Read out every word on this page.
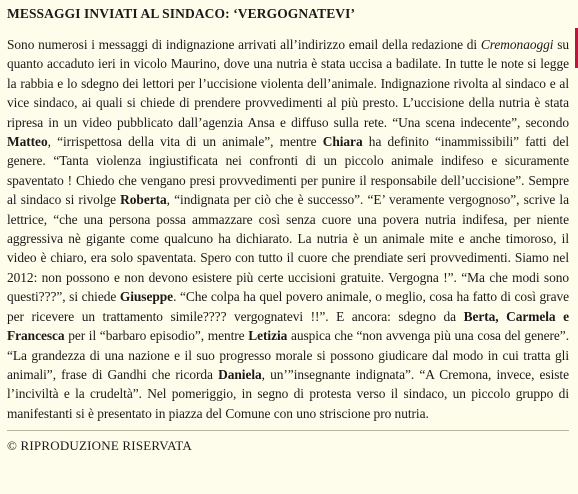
MESSAGGI INVIATI AL SINDACO: ‘VERGOGNATEVI’

Sono numerosi i messaggi di indignazione arrivati all’indirizzo email della redazione di Cremonaoggi su quanto accaduto ieri in vicolo Maurino, dove una nutria è stata uccisa a badilate. In tutte le note si legge la rabbia e lo sdegno dei lettori per l’uccisione violenta dell’animale. Indignazione rivolta al sindaco e al vice sindaco, ai quali si chiede di prendere provvedimenti al più presto. L’uccisione della nutria è stata ripresa in un video pubblicato dall’agenzia Ansa e diffuso sulla rete. “Una scena indecente”, secondo Matteo, “irrispettosa della vita di un animale”, mentre Chiara ha definito “inammissibili” fatti del genere. “Tanta violenza ingiustificata nei confronti di un piccolo animale indifeso e sicuramente spaventato ! Chiedo che vengano presi provvedimenti per punire il responsabile dell’uccisione”. Sempre al sindaco si rivolge Roberta, “indignata per ciò che è successo”. “E’ veramente vergognoso”, scrive la lettrice, “che una persona possa ammazzare così senza cuore una povera nutria indifesa, per niente aggressiva nè gigante come qualcuno ha dichiarato. La nutria è un animale mite e anche timoroso, il video è chiaro, era solo spaventata. Spero con tutto il cuore che prendiate seri provvedimenti. Siamo nel 2012: non possono e non devono esistere più certe uccisioni gratuite. Vergogna !”. “Ma che modi sono questi???”, si chiede Giuseppe. “Che colpa ha quel povero animale, o meglio, cosa ha fatto di così grave per ricevere un trattamento simile???? vergognatevi !!”. E ancora: sdegno da Berta, Carmela e Francesca per il “barbaro episodio”, mentre Letizia auspica che “non avvenga più una cosa del genere”. “La grandezza di una nazione e il suo progresso morale si possono giudicare dal modo in cui tratta gli animali”, frase di Gandhi che ricorda Daniela, un’”insegnante indignata”. “A Cremona, invece, esiste l’inciviltà e la crudeltà”. Nel pomeriggio, in segno di protesta verso il sindaco, un piccolo gruppo di manifestanti si è presentato in piazza del Comune con uno striscione pro nutria.

© RIPRODUZIONE RISERVATA
